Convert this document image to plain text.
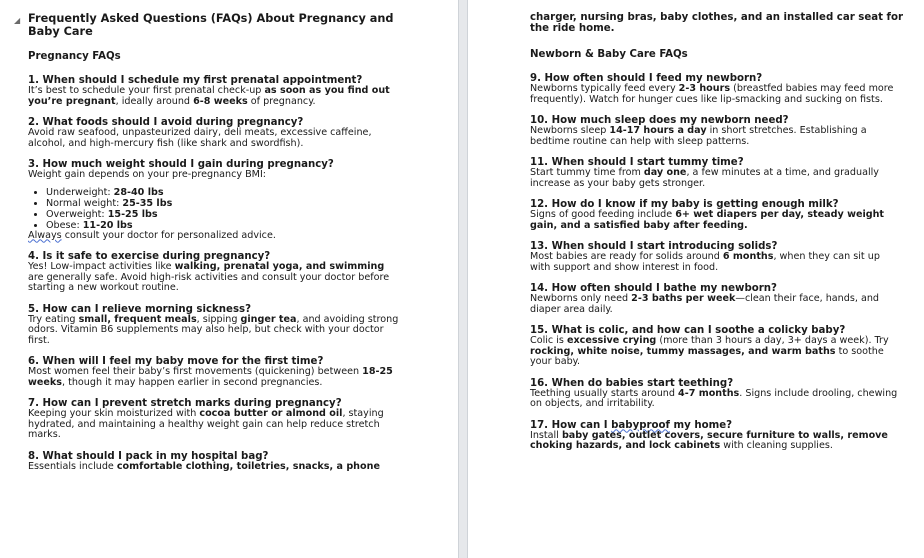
◢ Frequently Asked Questions (FAQs) About Pregnancy and Baby Care
Pregnancy FAQs

1. When should I schedule my first prenatal appointment?

It’s best to schedule your first prenatal check-up as soon as you find out you’re pregnant, ideally around 6-8 weeks of pregnancy.

2. What foods should I avoid during pregnancy?

Avoid raw seafood, unpasteurized dairy, deli meats, excessive caffeine, alcohol, and high-mercury fish (like shark and swordfish).

3. How much weight should I gain during pregnancy?

Weight gain depends on your pre-pregnancy BMI:

• Underweight: 28-40 lbs
• Normal weight: 25-35 lbs
• Overweight: 15-25 lbs
• Obese: 11-20 lbs

Always consult your doctor for personalized advice.

4. Is it safe to exercise during pregnancy?

Yes! Low-impact activities like walking, prenatal yoga, and swimming are generally safe. Avoid high-risk activities and consult your doctor before starting a new workout routine.

5. How can I relieve morning sickness?

Try eating small, frequent meals, sipping ginger tea, and avoiding strong odors. Vitamin B6 supplements may also help, but check with your doctor first.

6. When will I feel my baby move for the first time?

Most women feel their baby’s first movements (quickening) between 18-25 weeks, though it may happen earlier in second pregnancies.

7. How can I prevent stretch marks during pregnancy?

Keeping your skin moisturized with cocoa butter or almond oil, staying hydrated, and maintaining a healthy weight gain can help reduce stretch marks.

8. What should I pack in my hospital bag?

Essentials include comfortable clothing, toiletries, snacks, a phone

charger, nursing bras, baby clothes, and an installed car seat for the ride home.

Newborn & Baby Care FAQs

9. How often should I feed my newborn?

Newborns typically feed every 2-3 hours (breastfed babies may feed more frequently). Watch for hunger cues like lip-smacking and sucking on fists.

10. How much sleep does my newborn need?

Newborns sleep 14-17 hours a day in short stretches. Establishing a bedtime routine can help with sleep patterns.

11. When should I start tummy time?

Start tummy time from day one, a few minutes at a time, and gradually increase as your baby gets stronger.

12. How do I know if my baby is getting enough milk?

Signs of good feeding include 6+ wet diapers per day, steady weight gain, and a satisfied baby after feeding.

13. When should I start introducing solids?

Most babies are ready for solids around 6 months, when they can sit up with support and show interest in food.

14. How often should I bathe my newborn?

Newborns only need 2-3 baths per week—clean their face, hands, and diaper area daily.

15. What is colic, and how can I soothe a colicky baby?

Colic is excessive crying (more than 3 hours a day, 3+ days a week). Try rocking, white noise, tummy massages, and warm baths to soothe your baby.

16. When do babies start teething?

Teething usually starts around 4-7 months. Signs include drooling, chewing on objects, and irritability.

17. How can I babyproof my home?

Install baby gates, outlet covers, secure furniture to walls, remove choking hazards, and lock cabinets with cleaning supplies.
